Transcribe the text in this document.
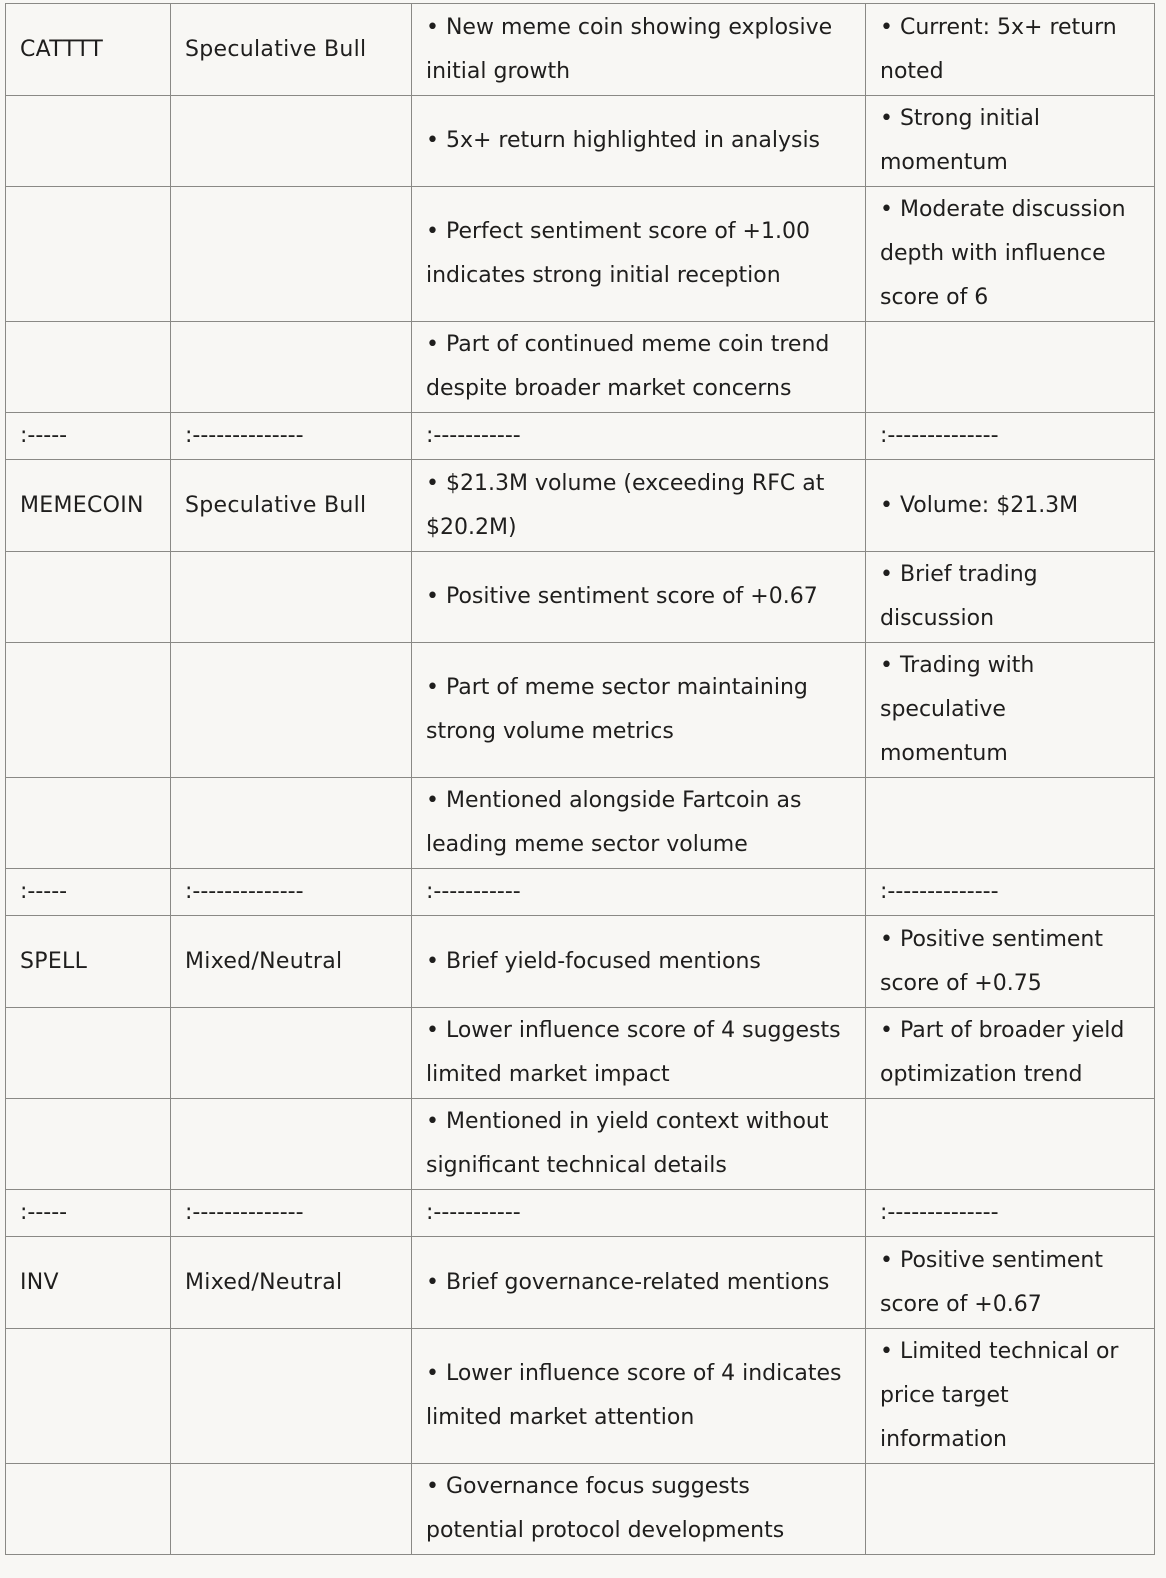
CATTTT	Speculative Bull	• New meme coin showing explosive initial growth	• Current: 5x+ return noted
		• 5x+ return highlighted in analysis	• Strong initial momentum
		• Perfect sentiment score of +1.00 indicates strong initial reception	• Moderate discussion depth with influence score of 6
		• Part of continued meme coin trend despite broader market concerns	
:-----	:--------------	:-----------	:--------------
MEMECOIN	Speculative Bull	• $21.3M volume (exceeding RFC at $20.2M)	• Volume: $21.3M
		• Positive sentiment score of +0.67	• Brief trading discussion
		• Part of meme sector maintaining strong volume metrics	• Trading with speculative momentum
		• Mentioned alongside Fartcoin as leading meme sector volume	
:-----	:--------------	:-----------	:--------------
SPELL	Mixed/Neutral	• Brief yield-focused mentions	• Positive sentiment score of +0.75
		• Lower influence score of 4 suggests limited market impact	• Part of broader yield optimization trend
		• Mentioned in yield context without significant technical details	
:-----	:--------------	:-----------	:--------------
INV	Mixed/Neutral	• Brief governance-related mentions	• Positive sentiment score of +0.67
		• Lower influence score of 4 indicates limited market attention	• Limited technical or price target information
		• Governance focus suggests potential protocol developments	
